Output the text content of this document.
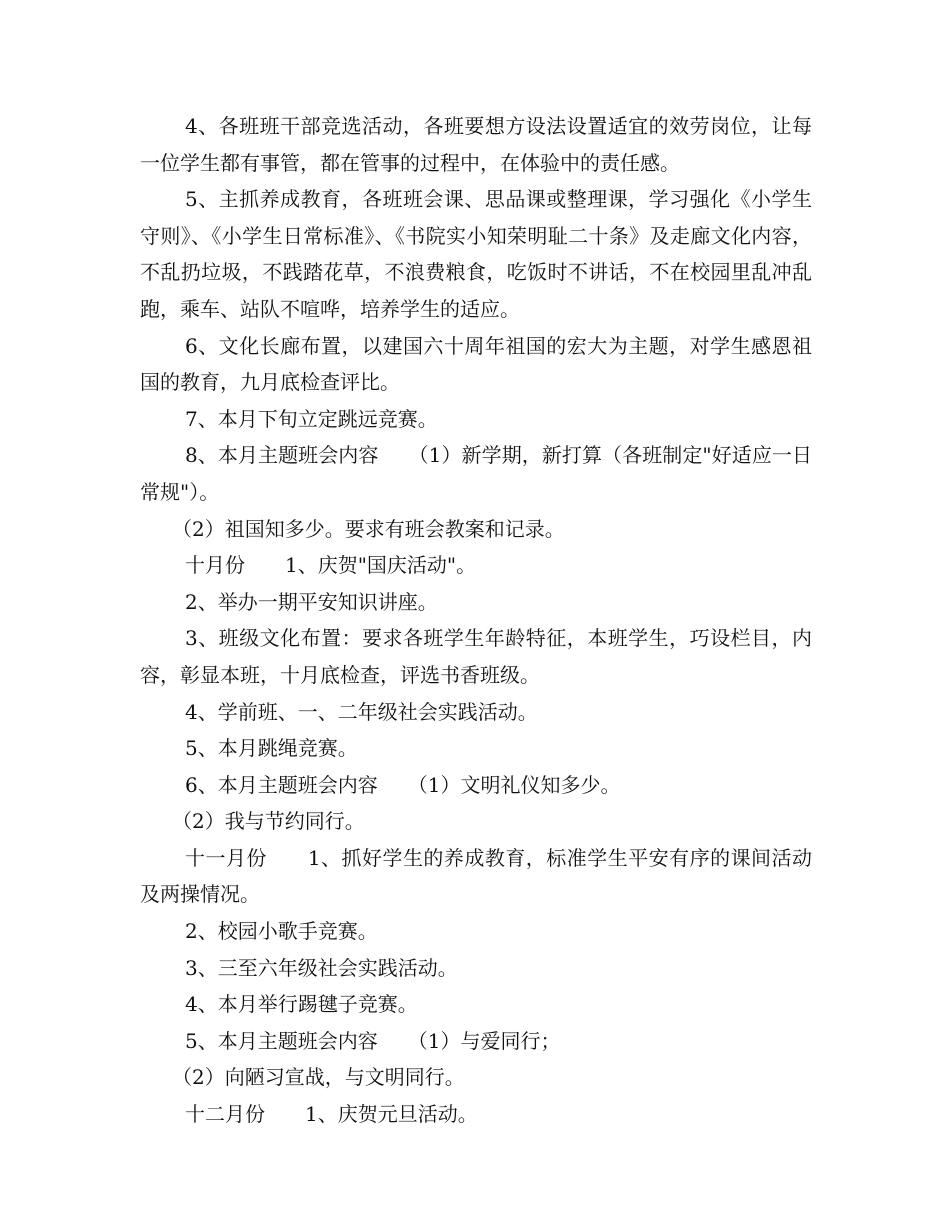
4、各班班干部竞选活动，各班要想方设法设置适宜的效劳岗位，让每一位学生都有事管，都在管事的过程中，在体验中的责任感。

5、主抓养成教育，各班班会课、思品课或整理课，学习强化《小学生守则》、《小学生日常标准》、《书院实小知荣明耻二十条》及走廊文化内容，不乱扔垃圾，不践踏花草，不浪费粮食，吃饭时不讲话，不在校园里乱冲乱跑，乘车、站队不喧哗，培养学生的适应。

6、文化长廊布置，以建国六十周年祖国的宏大为主题，对学生感恩祖国的教育，九月底检查评比。

7、本月下旬立定跳远竞赛。

8、本月主题班会内容　　（1）新学期，新打算（各班制定"好适应一日常规"）。

（2）祖国知多少。要求有班会教案和记录。

十月份　　1、庆贺"国庆活动"。

2、举办一期平安知识讲座。

3、班级文化布置：要求各班学生年龄特征，本班学生，巧设栏目，内容，彰显本班，十月底检查，评选书香班级。

4、学前班、一、二年级社会实践活动。

5、本月跳绳竞赛。

6、本月主题班会内容　　（1）文明礼仪知多少。

（2）我与节约同行。

十一月份　　1、抓好学生的养成教育，标准学生平安有序的课间活动及两操情况。

2、校园小歌手竞赛。

3、三至六年级社会实践活动。

4、本月举行踢毽子竞赛。

5、本月主题班会内容　　（1）与爱同行；

（2）向陋习宣战，与文明同行。

十二月份　　1、庆贺元旦活动。
